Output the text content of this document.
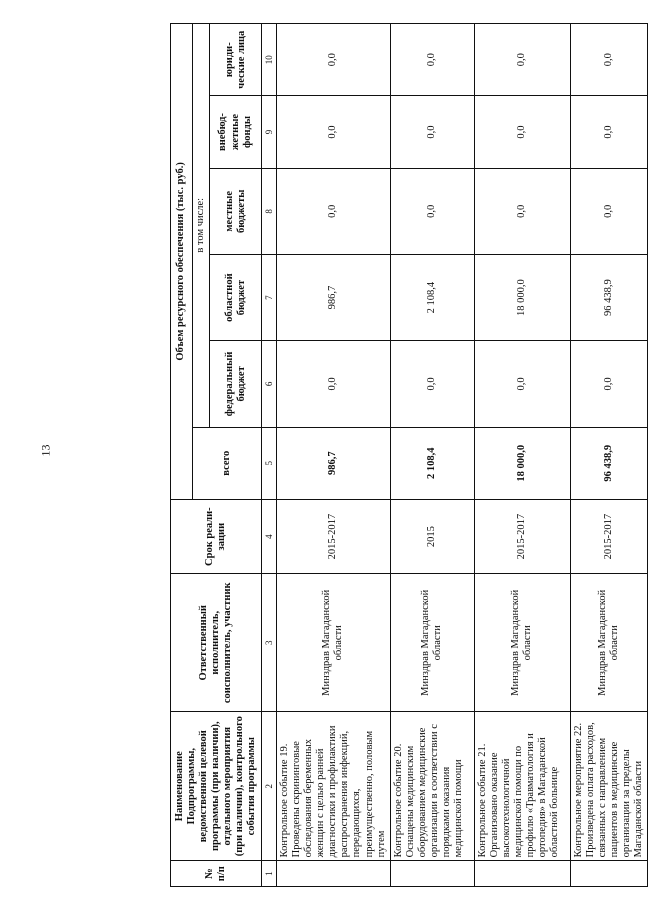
13
№ п/п	Наименование Подпрограммы, ведомственной целевой программы (при наличии), отдельного мероприятия (при наличии), контрольного события программы	Ответственный исполнитель, соисполнитель, участник	Срок реали-зации	Объем ресурсного обеспечения (тыс. руб.)					
				всего	в том числе:				
					федеральный бюджет	областной бюджет	местные бюджеты	внебюд-жетные фонды	юриди-ческие лица
1	2	3	4	5	6	7	8	9	10
	Контрольное событие 19. Проведены скрининговые обследования беременных женщин с целью ранней диагностики и профилактики распространения инфекций, передающихся, преимущественно, половым путем	Минздрав Магаданской области	2015-2017	986,7	0,0	986,7	0,0	0,0	0,0
	Контрольное событие 20. Оснащены медицинским оборудованием медицинские организации в соответствии с порядками оказания медицинской помощи	Минздрав Магаданской области	2015	2 108,4	0,0	2 108,4	0,0	0,0	0,0
	Контрольное событие 21. Организовано оказание высокотехнологичной медицинской помощи по профилю «Травматология и ортопедия» в Магаданской областной больнице	Минздрав Магаданской области	2015-2017	18 000,0	0,0	18 000,0	0,0	0,0	0,0
	Контрольное мероприятие 22. Произведена оплата расходов, связанных с направлением пациентов в медицинские организации за пределы Магаданской области	Минздрав Магаданской области	2015-2017	96 438,9	0,0	96 438,9	0,0	0,0	0,0
